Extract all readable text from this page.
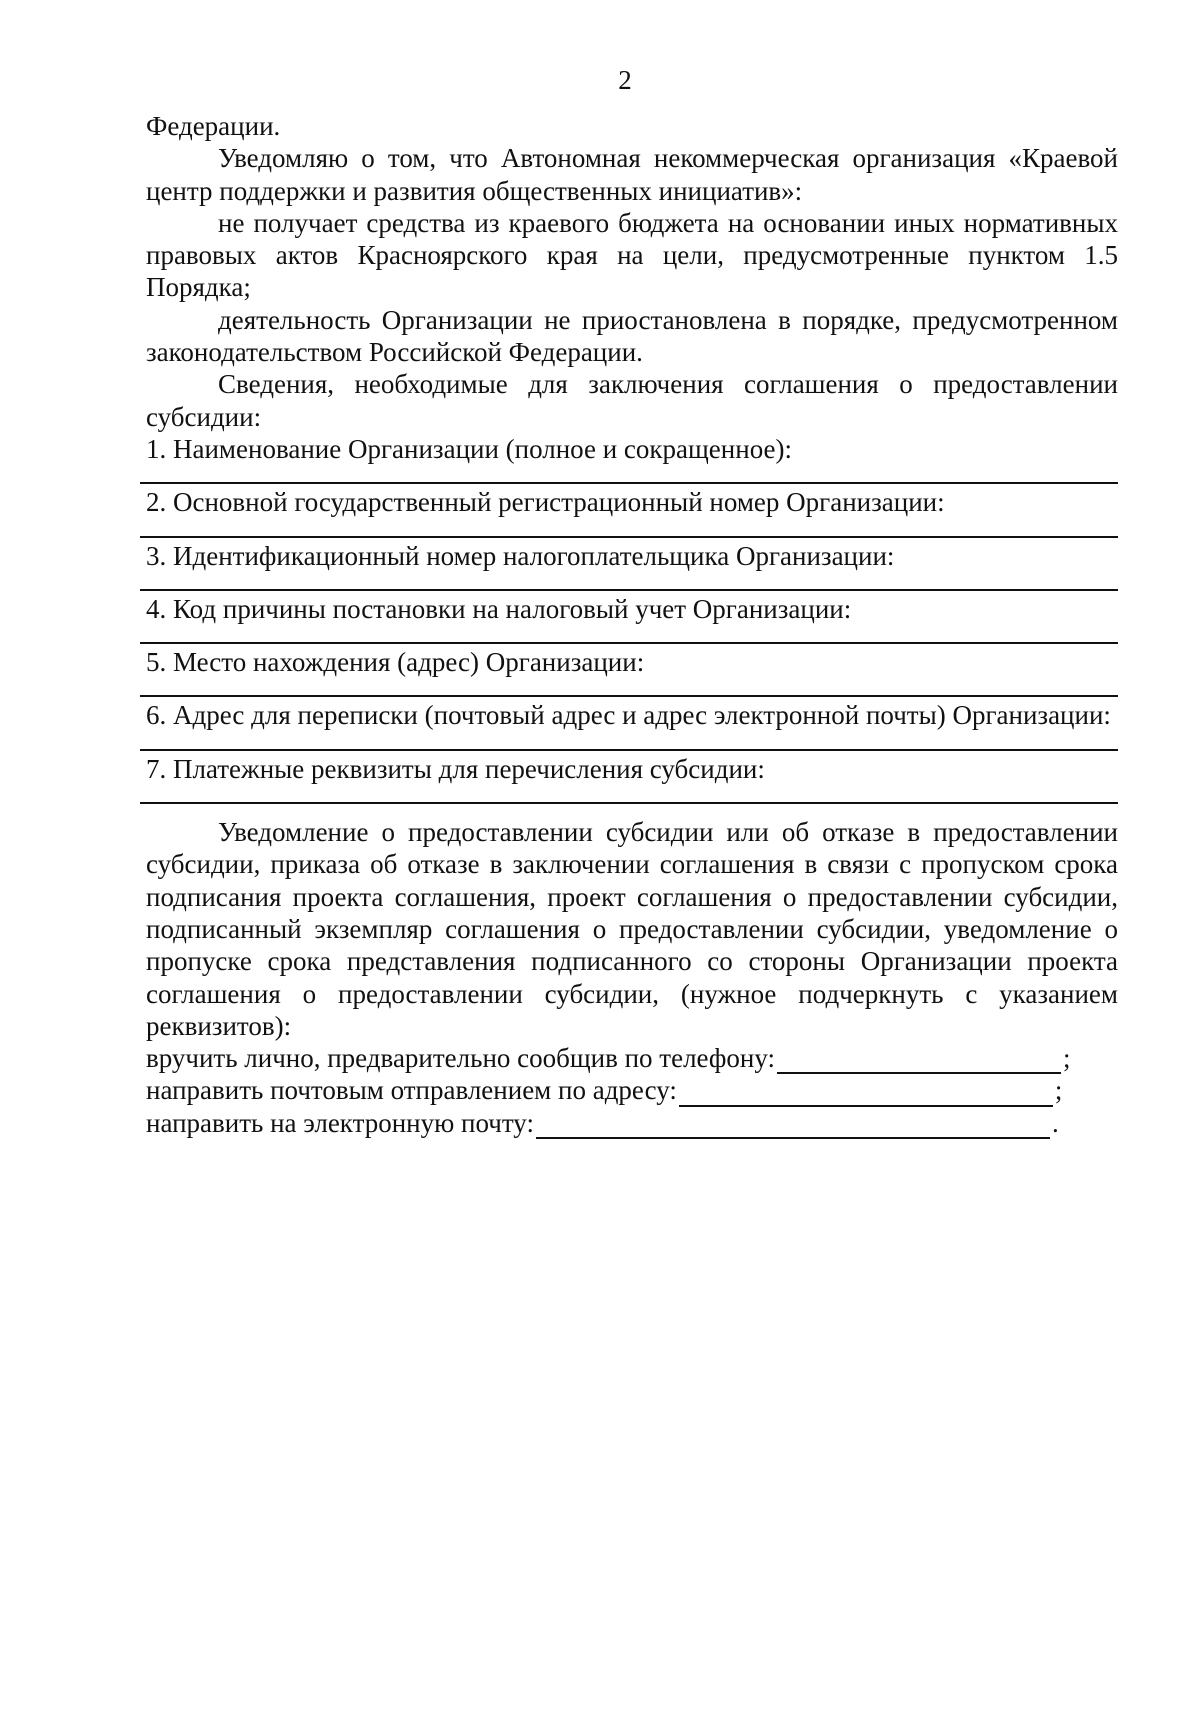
2

Федерации.

Уведомляю о том, что Автономная некоммерческая организация «Краевой центр поддержки и развития общественных инициатив»:

не получает средства из краевого бюджета на основании иных нормативных правовых актов Красноярского края на цели, предусмотренные пунктом 1.5 Порядка;

деятельность Организации не приостановлена в порядке, предусмотренном законодательством Российской Федерации.

Сведения, необходимые для заключения соглашения о предоставлении субсидии:

1. Наименование Организации (полное и сокращенное):
2. Основной государственный регистрационный номер Организации:
3. Идентификационный номер налогоплательщика Организации:
4. Код причины постановки на налоговый учет Организации:
5. Место нахождения (адрес) Организации:
6. Адрес для переписки (почтовый адрес и адрес электронной почты) Организации:
7. Платежные реквизиты для перечисления субсидии:

Уведомление о предоставлении субсидии или об отказе в предоставлении субсидии, приказа об отказе в заключении соглашения в связи с пропуском срока подписания проекта соглашения, проект соглашения о предоставлении субсидии, подписанный экземпляр соглашения о предоставлении субсидии, уведомление о пропуске срока представления подписанного со стороны Организации проекта соглашения о предоставлении субсидии, (нужное подчеркнуть с указанием реквизитов):

вручить лично, предварительно сообщив по телефону:	;
направить почтовым отправлением по адресу:	;
направить на электронную почту:	.
